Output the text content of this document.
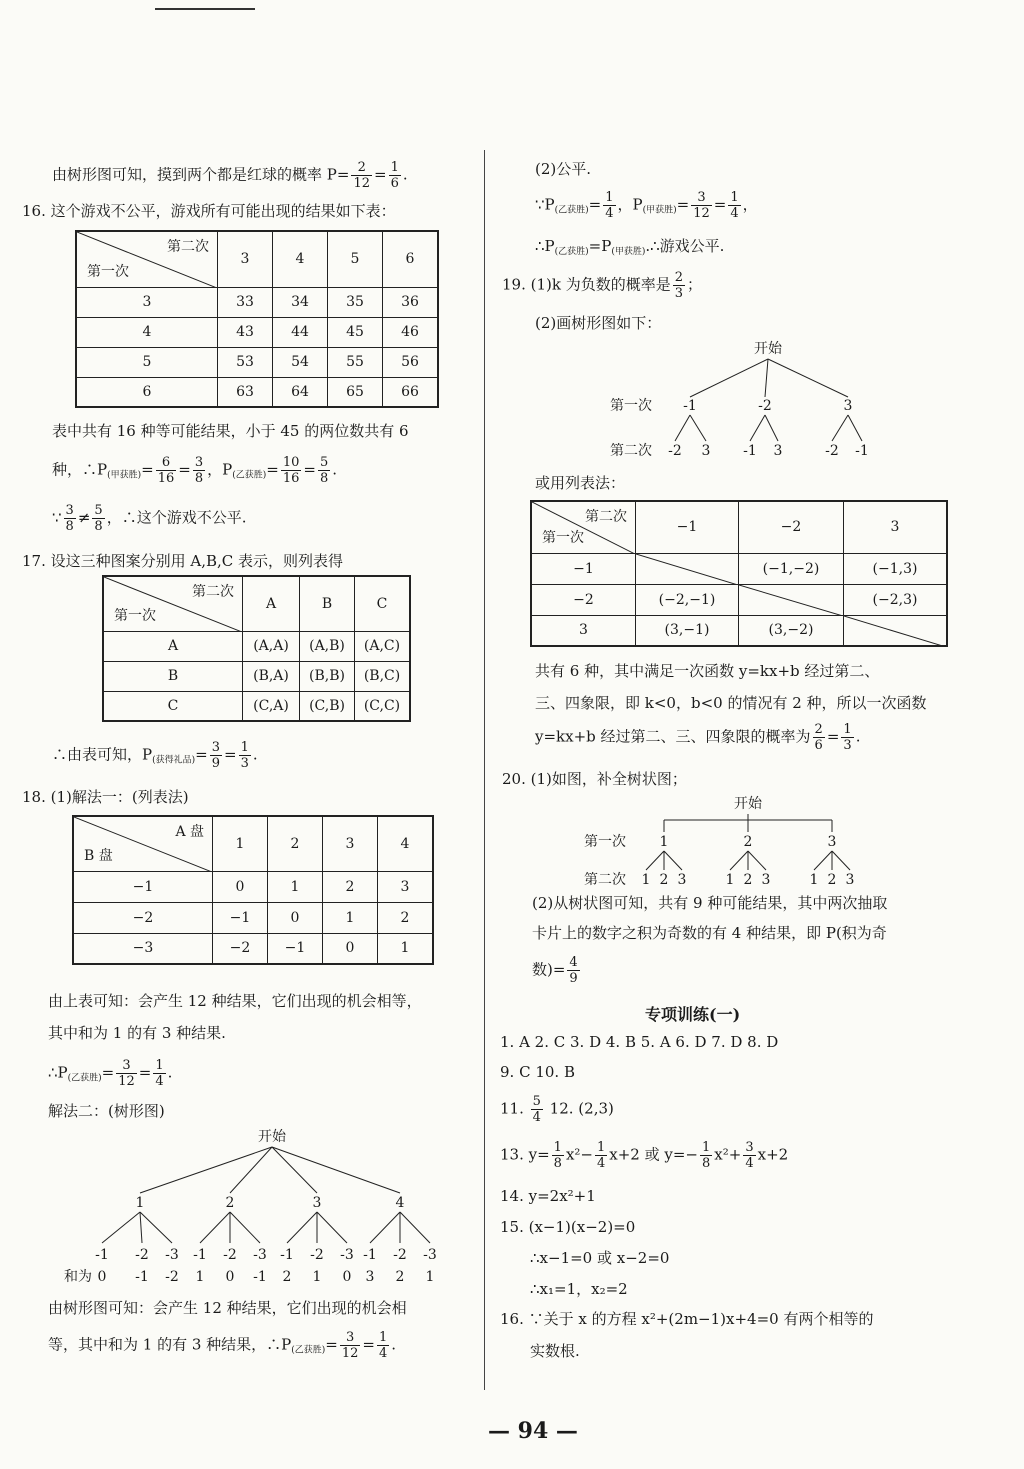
由树形图可知，摸到两个都是红球的概率 $P= \frac{2}{12} = \frac{1}{6}$ .
16. 这个游戏不公平，游戏所有可能出现的结果如下表：
第二次
第一次	3	4	5	6
3	33	34	35	36
4	43	44	45	46
5	53	54	55	56
6	63	64	65	66
表中共有 16 种等可能结果，小于 45 的两位数共有 6
种，$\therefore P_{(甲获胜)}= \frac{6}{16} = \frac{3}{8}$ ，$P_{(乙获胜)}= \frac{10}{16} = \frac{5}{8}$ .
∵ $\frac{3}{8} \ne \frac{5}{8}$ ，∴这个游戏不公平.
17. 设这三种图案分别用 A,B,C 表示，则列表得
第二次
第一次	A	B	C
A	(A,A)	(A,B)	(A,C)
B	(B,A)	(B,B)	(B,C)
C	(C,A)	(C,B)	(C,C)
∴由表可知，$P_{(获得礼品)}= \frac{3}{9} = \frac{1}{3}$ .
18. (1)解法一：(列表法)
A 盘
B 盘	1	2	3	4
−1	0	1	2	3
−2	−1	0	1	2
−3	−2	−1	0	1
由上表可知：会产生 12 种结果，它们出现的机会相等，
其中和为 1 的有 3 种结果.
$\therefore P_{(乙获胜)}= \frac{3}{12} = \frac{1}{4}$ .
解法二：(树形图)
开始
1	2	3	4
-1 -2 -3 -1 -2 -3 -1 -2 -3 -1 -2 -3
和为 0 -1 -2 1 0 -1 2 1 0 3 2 1
由树形图可知：会产生 12 种结果，它们出现的机会相
等，其中和为 1 的有 3 种结果，$\therefore P_{(乙获胜)}= \frac{3}{12} = \frac{1}{4}$ .
(2)公平.
$\because P_{(乙获胜)}= \frac{1}{4}$ ，$P_{(甲获胜)}= \frac{3}{12} = \frac{1}{4}$ ，
$\therefore P_{(乙获胜)}=P_{(甲获胜)}.\therefore$游戏公平.
19. (1)k 为负数的概率是 $\frac{2}{3}$ ；
(2)画树形图如下：
开始
第一次 -1	-2	3
第二次 -2 3 -1 3	-2 -1
或用列表法：
第二次
第一次	−1	−2	3
−1		(−1,−2)	(−1,3)
−2	(−2,−1)		(−2,3)
3	(3,−1)	(3,−2)	
共有 6 种，其中满足一次函数 y=kx+b 经过第二、
三、四象限，即 k<0，b<0 的情况有 2 种，所以一次函数
y=kx+b 经过第二、三、四象限的概率为 $\frac{2}{6} = \frac{1}{3}$ .
20. (1)如图，补全树状图；
开始
第一次 1	2	3
第二次 1 2 3	1 2 3	1 2 3
(2)从树状图可知，共有 9 种可能结果，其中两次抽取
卡片上的数字之积为奇数的有 4 种结果，即 P(积为奇
数)= $\frac{4}{9}$
专项训练(一)
1. A 2. C 3. D 4. B 5. A 6. D 7. D 8. D
9. C 10. B
11. $\frac{5}{4} 12$. (2,3)
13. $y= \frac{1}{8} x^2- \frac{1}{4} x+2$ 或 $y=- \frac{1}{8} x^2+ \frac{3}{4} x+2$
14. y=2x²+1
15. (x−1)(x−2)=0
∴x−1=0 或 x−2=0
∴x₁=1，x₂=2
16. ∵关于 x 的方程 x²+(2m−1)x+4=0 有两个相等的
实数根.
— 94 —
